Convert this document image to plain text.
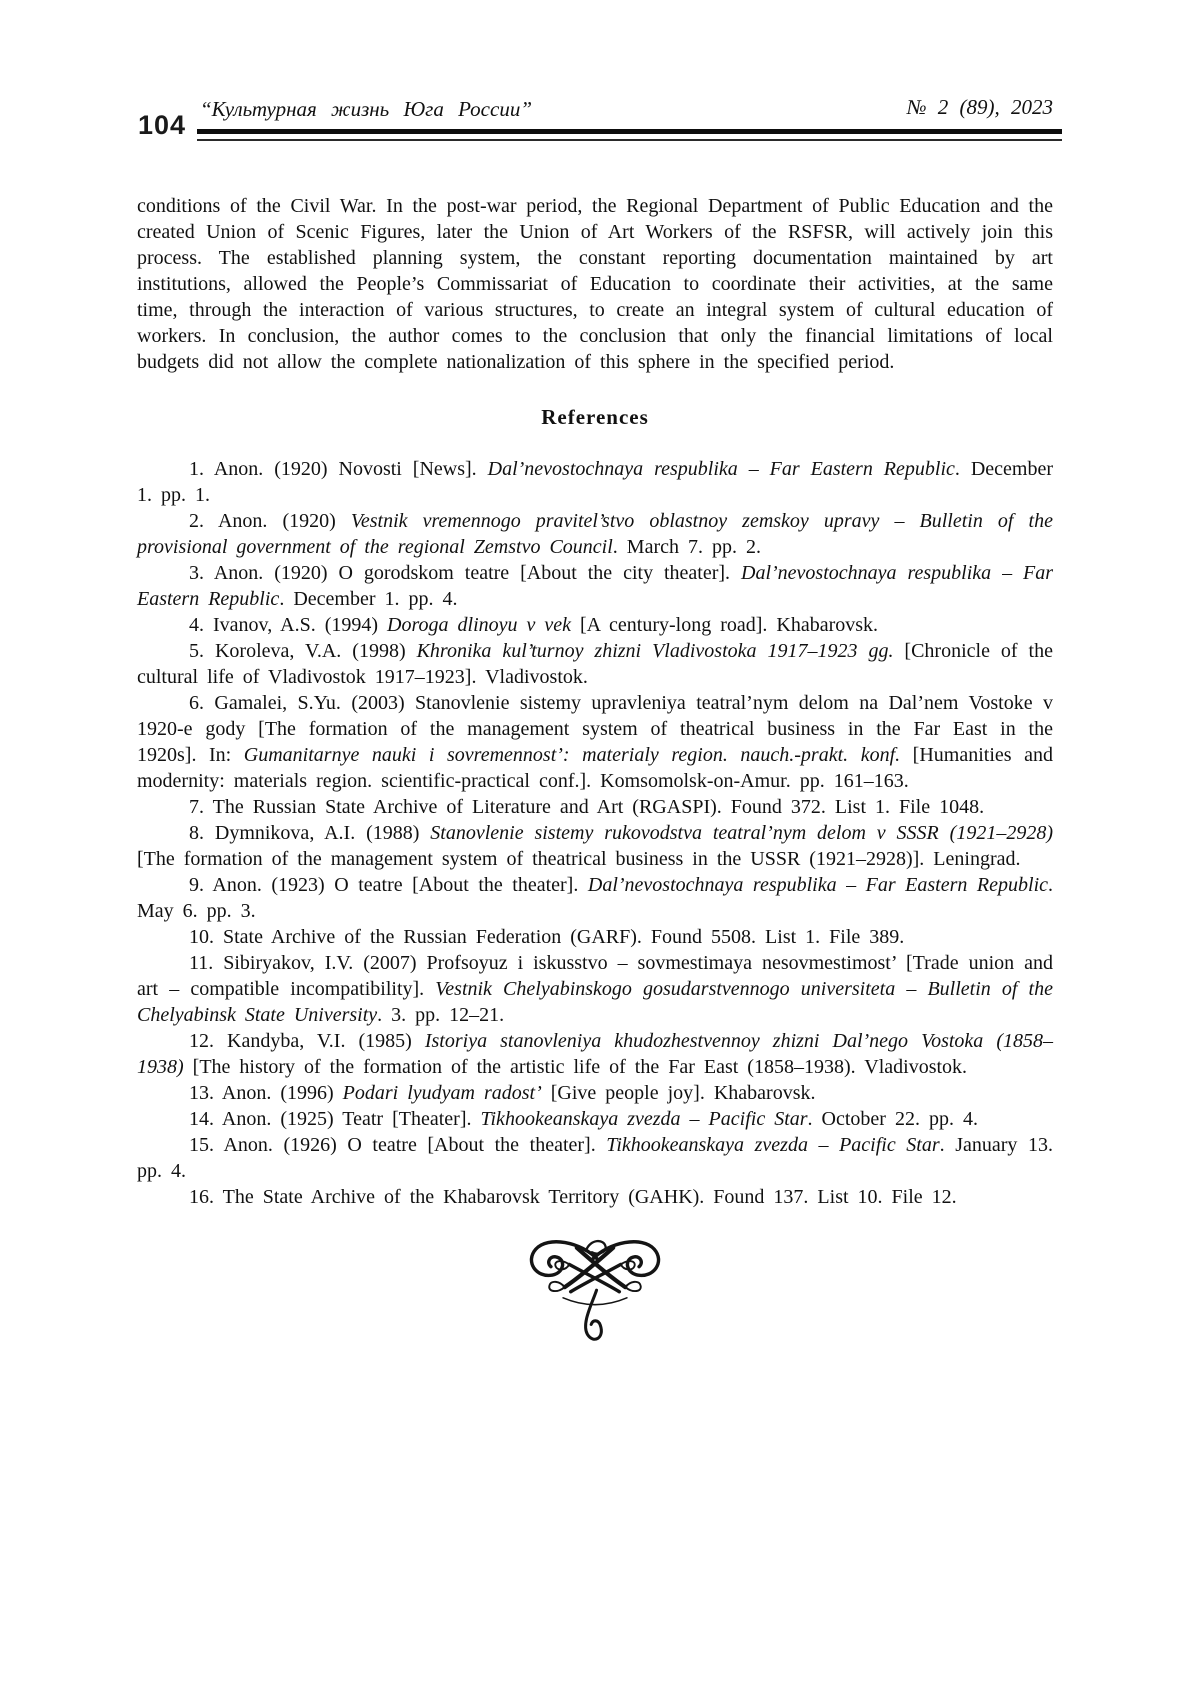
104
“Культурная жизнь Юга России”	№ 2 (89), 2023

conditions of the Civil War. In the post-war period, the Regional Department of Public Education and the created Union of Scenic Figures, later the Union of Art Workers of the RSFSR, will actively join this process. The established planning system, the constant reporting documentation maintained by art institutions, allowed the People’s Commissariat of Education to coordinate their activities, at the same time, through the interaction of various structures, to create an integral system of cultural education of workers. In conclusion, the author comes to the conclusion that only the financial limitations of local budgets did not allow the complete nationalization of this sphere in the specified period.

References

1. Anon. (1920) Novosti [News]. Dal’nevostochnaya respublika – Far Eastern Republic. December 1. pp. 1.

2. Anon. (1920) Vestnik vremennogo pravitel’stvo oblastnoy zemskoy upravy – Bulletin of the provisional government of the regional Zemstvo Council. March 7. pp. 2.

3. Anon. (1920) O gorodskom teatre [About the city theater]. Dal’nevostochnaya respublika – Far Eastern Republic. December 1. pp. 4.

4. Ivanov, A.S. (1994) Doroga dlinoyu v vek [A century-long road]. Khabarovsk.

5. Koroleva, V.A. (1998) Khronika kul’turnoy zhizni Vladivostoka 1917–1923 gg. [Chronicle of the cultural life of Vladivostok 1917–1923]. Vladivostok.

6. Gamalei, S.Yu. (2003) Stanovlenie sistemy upravleniya teatral’nym delom na Dal’nem Vostoke v 1920-e gody [The formation of the management system of theatrical business in the Far East in the 1920s]. In: Gumanitarnye nauki i sovremennost’: materialy region. nauch.-prakt. konf. [Humanities and modernity: materials region. scientific-practical conf.]. Komsomolsk-on-Amur. pp. 161–163.

7. The Russian State Archive of Literature and Art (RGASPI). Found 372. List 1. File 1048.

8. Dymnikova, A.I. (1988) Stanovlenie sistemy rukovodstva teatral’nym delom v SSSR (1921–2928) [The formation of the management system of theatrical business in the USSR (1921–2928)]. Leningrad.

9. Anon. (1923) O teatre [About the theater]. Dal’nevostochnaya respublika – Far Eastern Republic. May 6. pp. 3.

10. State Archive of the Russian Federation (GARF). Found 5508. List 1. File 389.

11. Sibiryakov, I.V. (2007) Profsoyuz i iskusstvo – sovmestimaya nesovmestimost’ [Trade union and art – compatible incompatibility]. Vestnik Chelyabinskogo gosudarstvennogo universiteta – Bulletin of the Chelyabinsk State University. 3. pp. 12–21.

12. Kandyba, V.I. (1985) Istoriya stanovleniya khudozhestvennoy zhizni Dal’nego Vostoka (1858–1938) [The history of the formation of the artistic life of the Far East (1858–1938). Vladivostok.

13. Anon. (1996) Podari lyudyam radost’ [Give people joy]. Khabarovsk.

14. Anon. (1925) Teatr [Theater]. Tikhookeanskaya zvezda – Pacific Star. October 22. pp. 4.

15. Anon. (1926) O teatre [About the theater]. Tikhookeanskaya zvezda – Pacific Star. January 13. pp. 4.

16. The State Archive of the Khabarovsk Territory (GAHK). Found 137. List 10. File 12.
